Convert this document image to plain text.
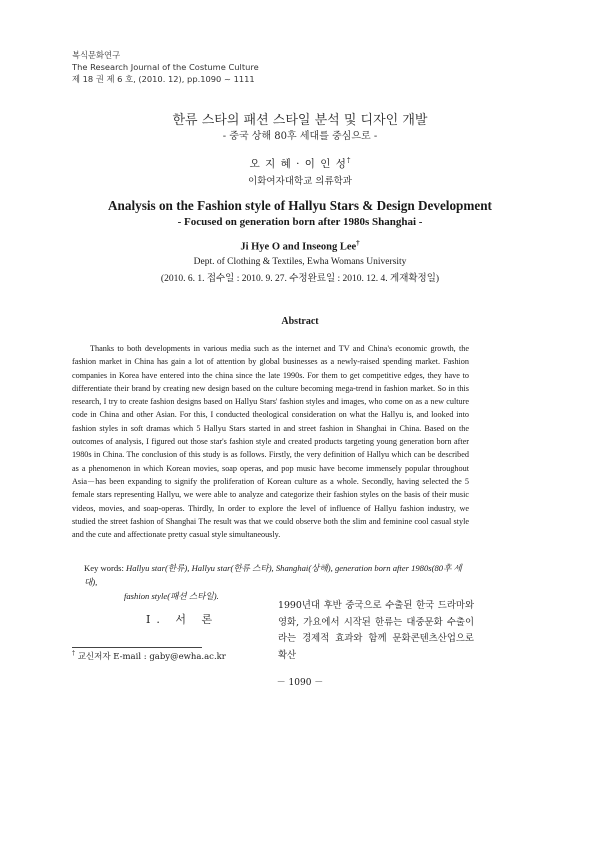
복식문화연구
The Research Journal of the Costume Culture
제 18 권 제 6 호, (2010. 12), pp.1090 ~ 1111
한류 스타의 패션 스타일 분석 및 디자인 개발
- 중국 상해 80후 세대를 중심으로 -
오 지 혜 · 이 인 성†
이화여자대학교 의류학과
Analysis on the Fashion style of Hallyu Stars & Design Development
- Focused on generation born after 1980s Shanghai -
Ji Hye O and Inseong Lee†
Dept. of Clothing & Textiles, Ewha Womans University
(2010. 6. 1. 접수일 : 2010. 9. 27. 수정완료일 : 2010. 12. 4. 게재확정일)
Abstract

Thanks to both developments in various media such as the internet and TV and China's economic growth, the fashion market in China has gain a lot of attention by global businesses as a newly-raised spending market. Fashion companies in Korea have entered into the china since the late 1990s. For them to get competitive edges, they have to differentiate their brand by creating new design based on the culture becoming mega-trend in fashion market. So in this research, I try to create fashion designs based on Hallyu Stars' fashion styles and images, who come on as a new culture code in China and other Asian. For this, I conducted theological consideration on what the Hallyu is, and looked into fashion styles in soft dramas which 5 Hallyu Stars started in and street fashion in Shanghai in China. Based on the outcomes of analysis, I figured out those star's fashion style and created products targeting young generation born after 1980s in China. The conclusion of this study is as follows. Firstly, the very definition of Hallyu which can be described as a phenomenon in which Korean movies, soap operas, and pop music have become immensely popular throughout Asia－has been expanding to signify the proliferation of Korean culture as a whole. Secondly, having selected the 5 female stars representing Hallyu, we were able to analyze and categorize their fashion styles on the basis of their music videos, movies, and soap-operas. Thirdly, In order to explore the level of influence of Hallyu fashion industry, we studied the street fashion of Shanghai The result was that we could observe both the slim and feminine cool casual style and the cute and affectionate pretty casual style simultaneously.

Key words: Hallyu star(한류), Hallyu star(한류 스타), Shanghai(상해), generation born after 1980s(80후 세대),
fashion style(패션 스타일).
Ⅰ. 서 론

1990년대 후반 중국으로 수출된 한국 드라마와 영화, 가요에서 시작된 한류는 대중문화 수출이라는 경제적 효과와 함께 문화콘텐츠산업으로 확산

† 교신저자 E-mail : gaby@ewha.ac.kr
－ 1090 －
